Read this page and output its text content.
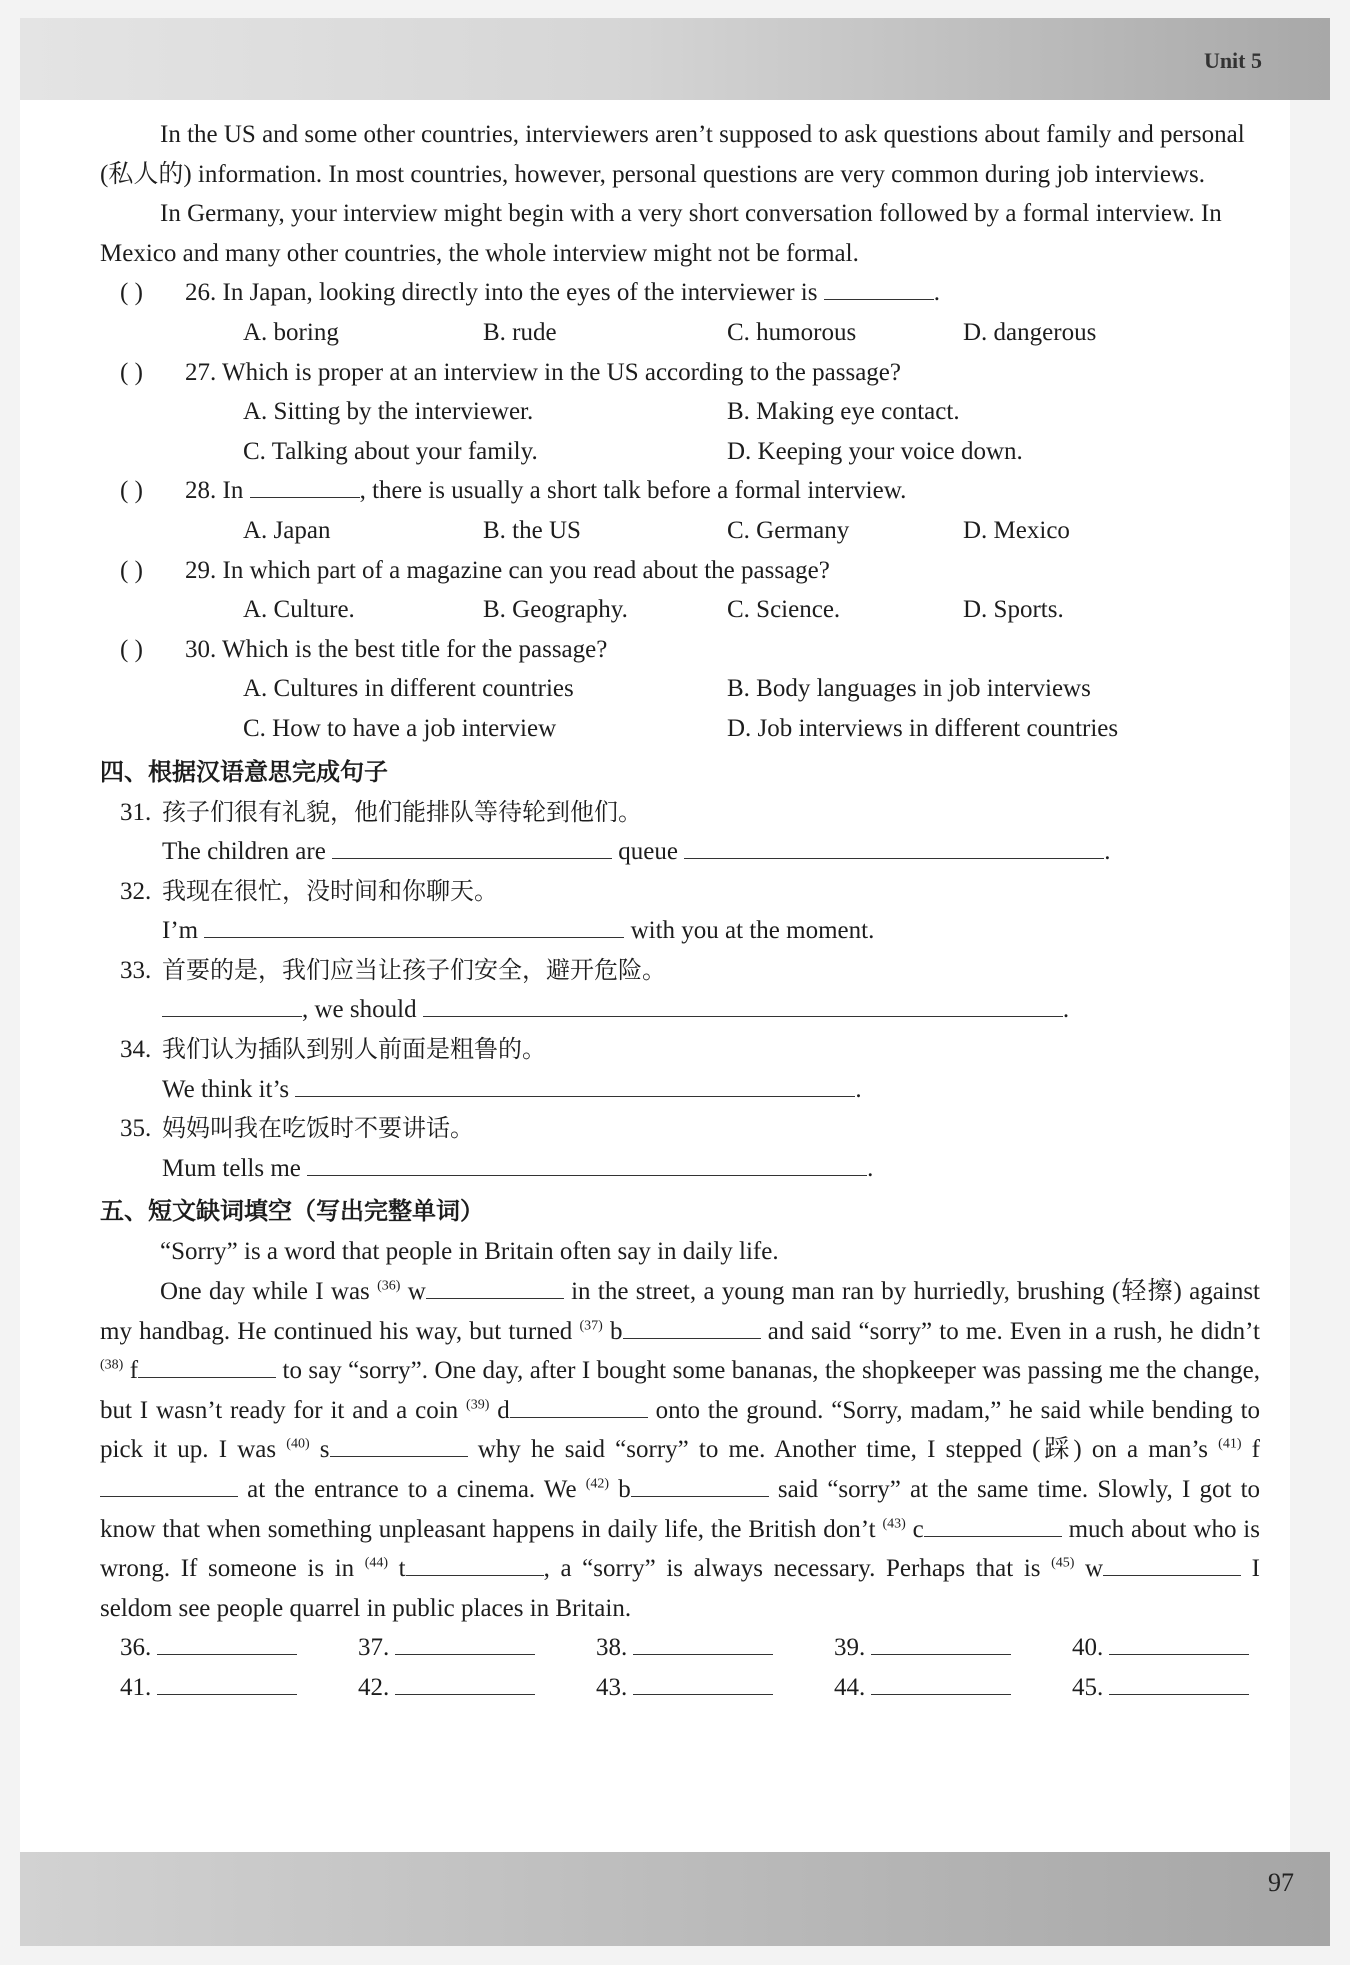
Unit 5
97

In the US and some other countries, interviewers aren’t supposed to ask questions about family and personal (私人的) information. In most countries, however, personal questions are very common during job interviews.

In Germany, your interview might begin with a very short conversation followed by a formal interview. In Mexico and many other countries, the whole interview might not be formal.

( ) 26. In Japan, looking directly into the eyes of the interviewer is	.
A. boring	B. rude	C. humorous	D. dangerous
( ) 27. Which is proper at an interview in the US according to the passage?
A. Sitting by the interviewer.	B. Making eye contact.
C. Talking about your family.	D. Keeping your voice down.
( ) 28. In	, there is usually a short talk before a formal interview.
A. Japan	B. the US	C. Germany	D. Mexico
( ) 29. In which part of a magazine can you read about the passage?
A. Culture.	B. Geography.	C. Science.	D. Sports.
( ) 30. Which is the best title for the passage?
A. Cultures in different countries	B. Body languages in job interviews
C. How to have a job interview	D. Job interviews in different countries
四、根据汉语意思完成句子
31. 孩子们很有礼貌，他们能排队等待轮到他们。
The children are	queue	.
32. 我现在很忙，没时间和你聊天。
I’m	with you at the moment.
33. 首要的是，我们应当让孩子们安全，避开危险。
, we should	.
34. 我们认为插队到别人前面是粗鲁的。
We think it’s	.
35. 妈妈叫我在吃饭时不要讲话。
Mum tells me	.
五、短文缺词填空（写出完整单词）

“Sorry” is a word that people in Britain often say in daily life.

One day while I was $^{(36)}$ w	in the street, a young man ran by hurriedly, brushing (轻擦) against my handbag. He continued his way, but turned $^{(37)}$ b	and said “sorry” to me. Even in a rush, he didn’t $^{(38)}$ f	to say “sorry”. One day, after I bought some bananas, the shopkeeper was passing me the change, but I wasn’t ready for it and a coin $^{(39)}$ d	onto the ground. “Sorry, madam,” he said while bending to pick it up. I was $^{(40)}$ s	why he said “sorry” to me. Another time, I stepped (踩) on a man’s $^{(41)}$ f at the entrance to a cinema. We $^{(42)}$ b	said “sorry” at the same time. Slowly, I got to know that when something unpleasant happens in daily life, the British don’t $^{(43)}$ c	much about who is wrong. If someone is in $^{(44)}$ t	, a “sorry” is always necessary. Perhaps that is $^{(45)}$ w	I seldom see people quarrel in public places in Britain.

36.	37.	38.	39.	40.
41.	42.	43.	44.	45.
